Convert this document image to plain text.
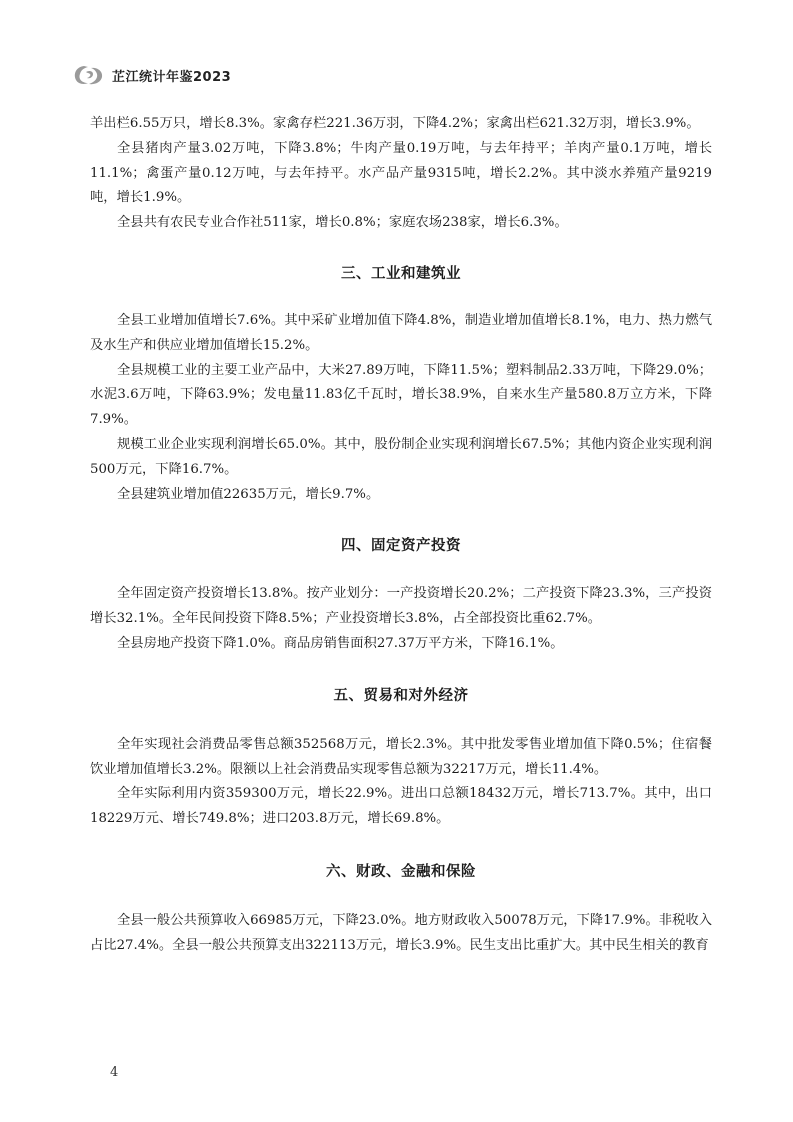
芷江统计年鉴2023

羊出栏6.55万只，增长8.3%。家禽存栏221.36万羽，下降4.2%；家禽出栏621.32万羽，增长3.9%。

全县猪肉产量3.02万吨，下降3.8%；牛肉产量0.19万吨，与去年持平；羊肉产量0.1万吨，增长11.1%；禽蛋产量0.12万吨，与去年持平。水产品产量9315吨，增长2.2%。其中淡水养殖产量9219吨，增长1.9%。

全县共有农民专业合作社511家，增长0.8%；家庭农场238家，增长6.3%。

三、工业和建筑业

全县工业增加值增长7.6%。其中采矿业增加值下降4.8%，制造业增加值增长8.1%，电力、热力燃气及水生产和供应业增加值增长15.2%。

全县规模工业的主要工业产品中，大米27.89万吨，下降11.5%；塑料制品2.33万吨，下降29.0%；水泥3.6万吨，下降63.9%；发电量11.83亿千瓦时，增长38.9%，自来水生产量580.8万立方米，下降7.9%。

规模工业企业实现利润增长65.0%。其中，股份制企业实现利润增长67.5%；其他内资企业实现利润500万元，下降16.7%。

全县建筑业增加值22635万元，增长9.7%。

四、固定资产投资

全年固定资产投资增长13.8%。按产业划分：一产投资增长20.2%；二产投资下降23.3%，三产投资增长32.1%。全年民间投资下降8.5%；产业投资增长3.8%，占全部投资比重62.7%。

全县房地产投资下降1.0%。商品房销售面积27.37万平方米，下降16.1%。

五、贸易和对外经济

全年实现社会消费品零售总额352568万元，增长2.3%。其中批发零售业增加值下降0.5%；住宿餐饮业增加值增长3.2%。限额以上社会消费品实现零售总额为32217万元，增长11.4%。

全年实际利用内资359300万元，增长22.9%。进出口总额18432万元，增长713.7%。其中，出口18229万元、增长749.8%；进口203.8万元，增长69.8%。

六、财政、金融和保险

全县一般公共预算收入66985万元，下降23.0%。地方财政收入50078万元，下降17.9%。非税收入占比27.4%。全县一般公共预算支出322113万元，增长3.9%。民生支出比重扩大。其中民生相关的教育

4
